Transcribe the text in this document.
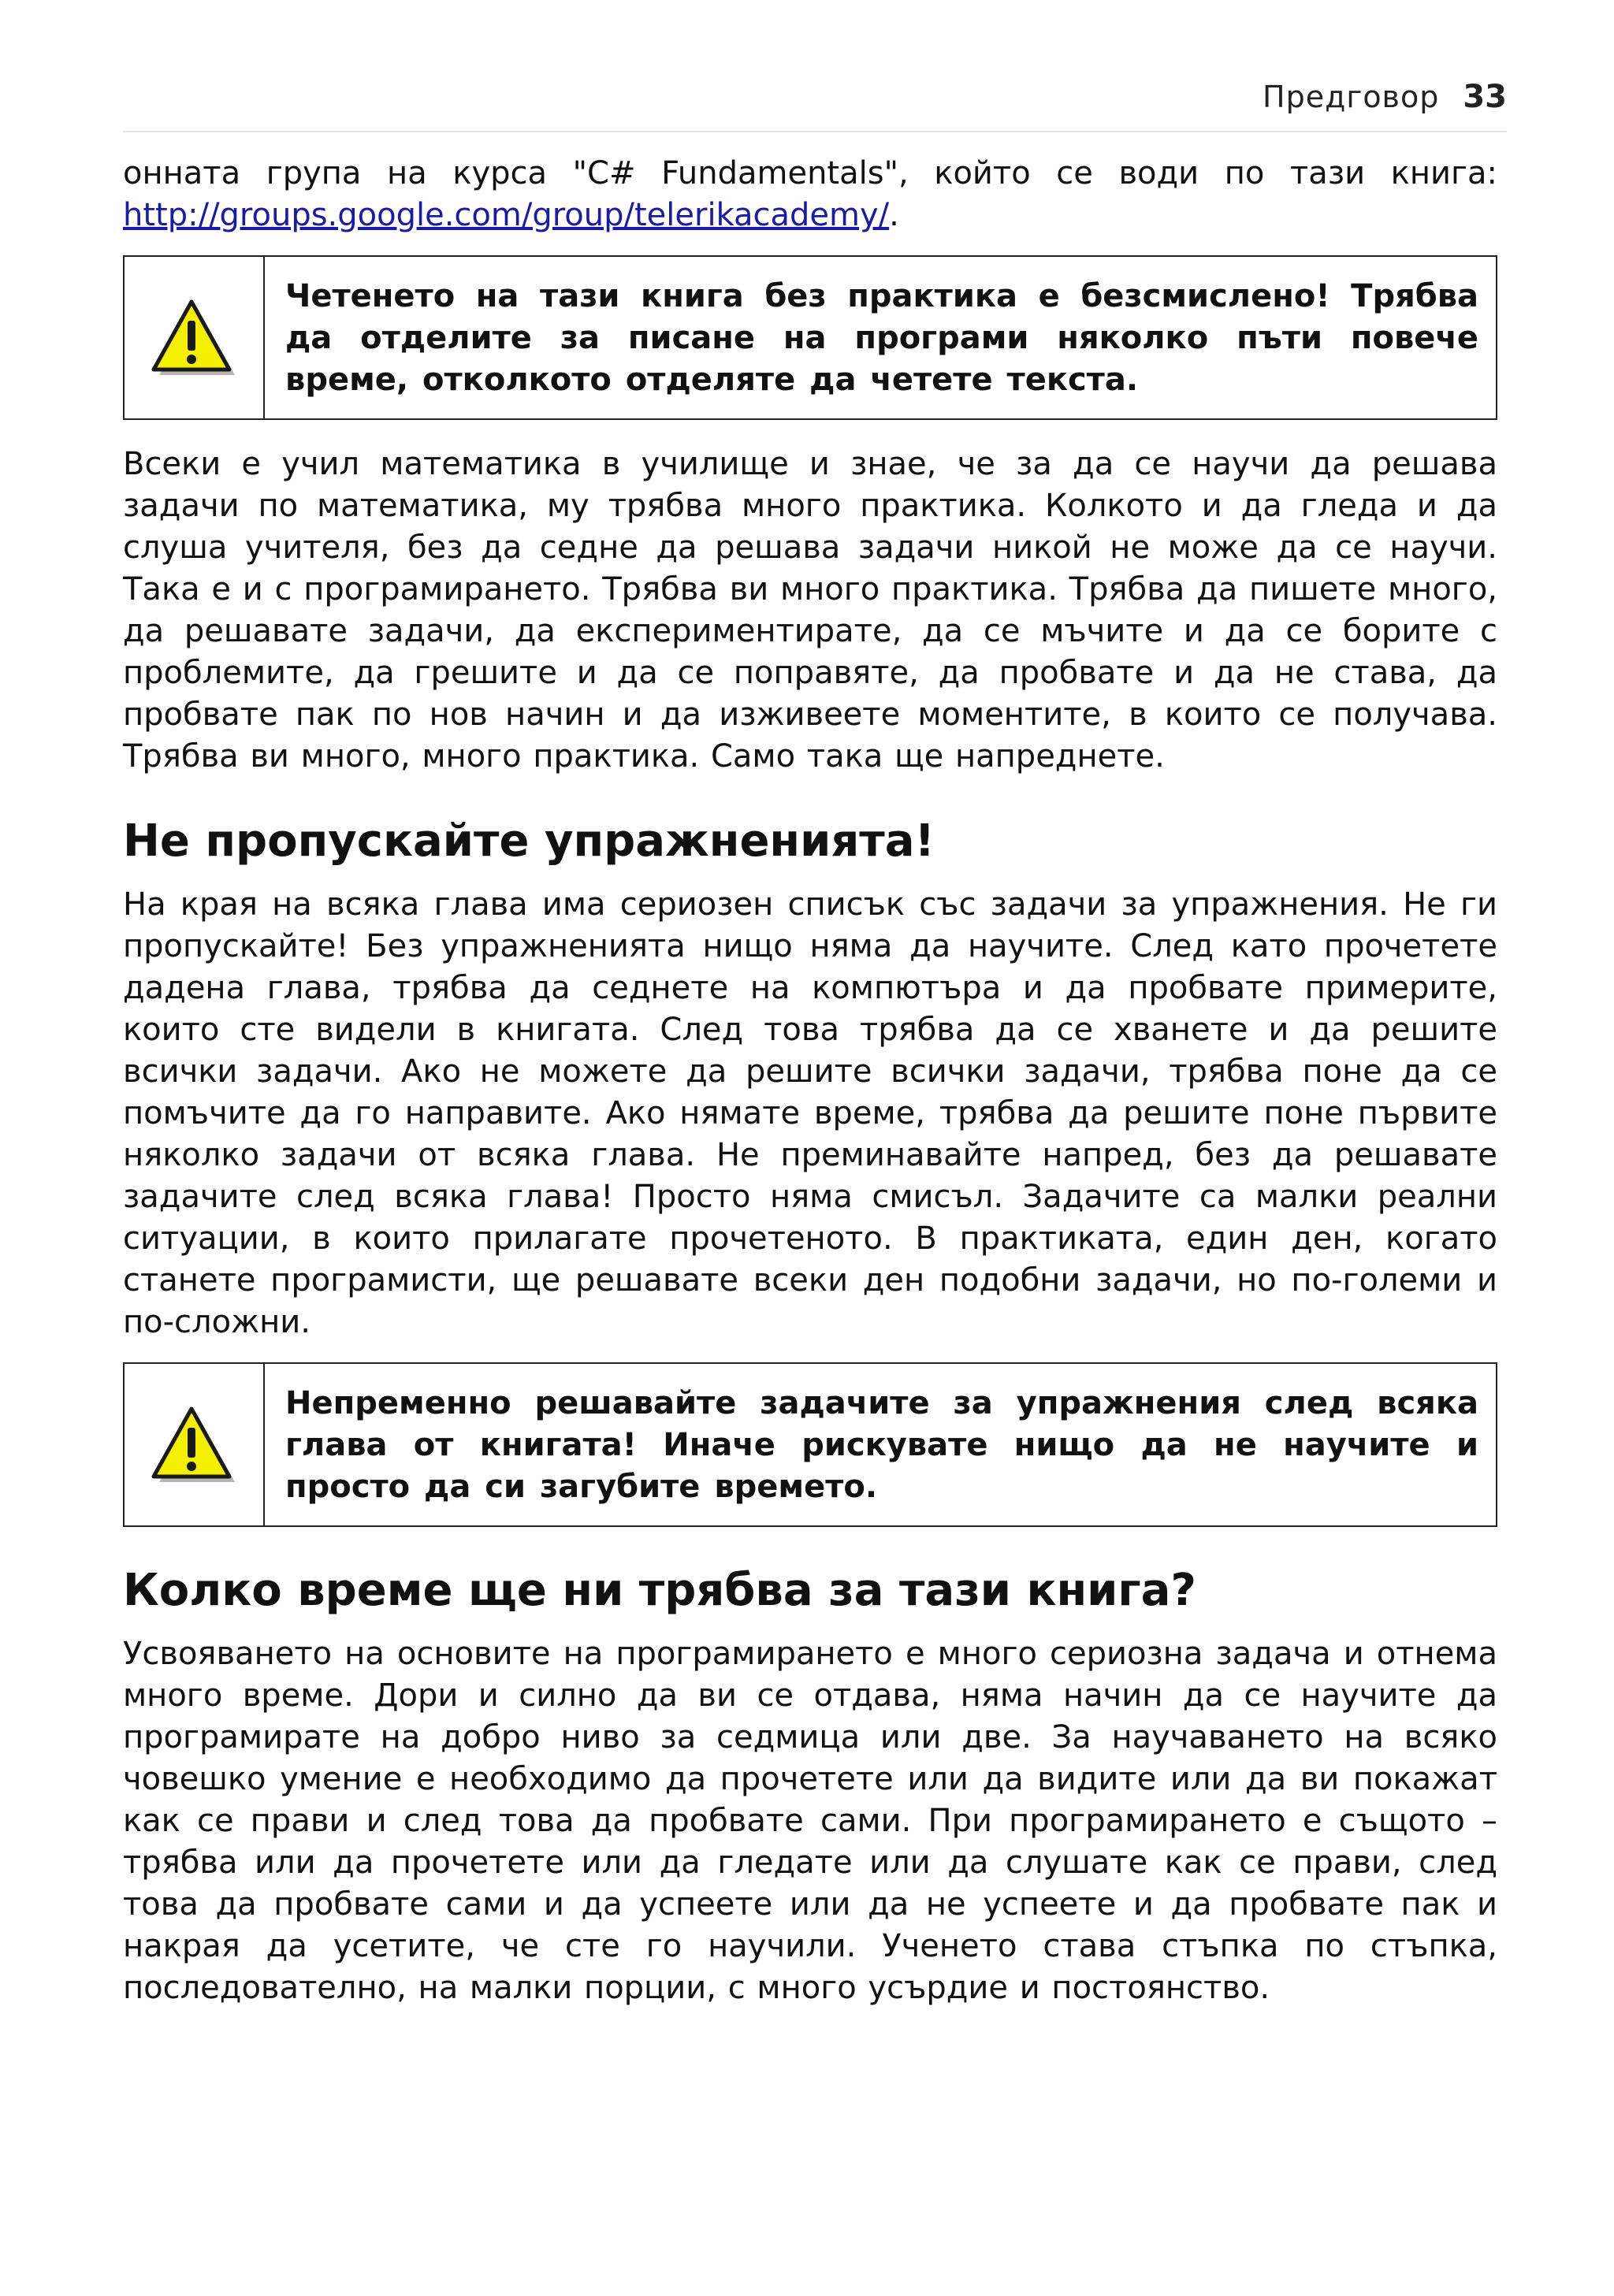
Предговор 33

онната група на курса "C# Fundamentals", който се води по тази книга: http://groups.google.com/group/telerikacademy/.

Четенето на тази книга без практика е безсмислено! Трябва да отделите за писане на програми няколко пъти повече време, отколкото отделяте да четете текста.

Всеки е учил математика в училище и знае, че за да се научи да решава задачи по математика, му трябва много практика. Колкото и да гледа и да слуша учителя, без да седне да решава задачи никой не може да се научи. Така е и с програмирането. Трябва ви много практика. Трябва да пишете много, да решавате задачи, да експериментирате, да се мъчите и да се борите с проблемите, да грешите и да се поправяте, да пробвате и да не става, да пробвате пак по нов начин и да изживеете моментите, в които се получава. Трябва ви много, много практика. Само така ще напреднете.

Не пропускайте упражненията!

На края на всяка глава има сериозен списък със задачи за упражнения. Не ги пропускайте! Без упражненията нищо няма да научите. След като прочетете дадена глава, трябва да седнете на компютъра и да пробвате примерите, които сте видели в книгата. След това трябва да се хванете и да решите всички задачи. Ако не можете да решите всички задачи, трябва поне да се помъчите да го направите. Ако нямате време, трябва да решите поне първите няколко задачи от всяка глава. Не преминавайте напред, без да решавате задачите след всяка глава! Просто няма смисъл. Задачите са малки реални ситуации, в които прилагате прочетеното. В практиката, един ден, когато станете програмисти, ще решавате всеки ден подобни задачи, но по-големи и по-сложни.

Непременно решавайте задачите за упражнения след всяка глава от книгата! Иначе рискувате нищо да не научите и просто да си загубите времето.
Колко време ще ни трябва за тази книга?

Усвояването на основите на програмирането е много сериозна задача и отнема много време. Дори и силно да ви се отдава, няма начин да се научите да програмирате на добро ниво за седмица или две. За научаването на всяко човешко умение е необходимо да прочетете или да видите или да ви покажат как се прави и след това да пробвате сами. При програмирането е същото – трябва или да прочетете или да гледате или да слушате как се прави, след това да пробвате сами и да успеете или да не успеете и да пробвате пак и накрая да усетите, че сте го научили. Ученето става стъпка по стъпка, последователно, на малки порции, с много усърдие и постоянство.
